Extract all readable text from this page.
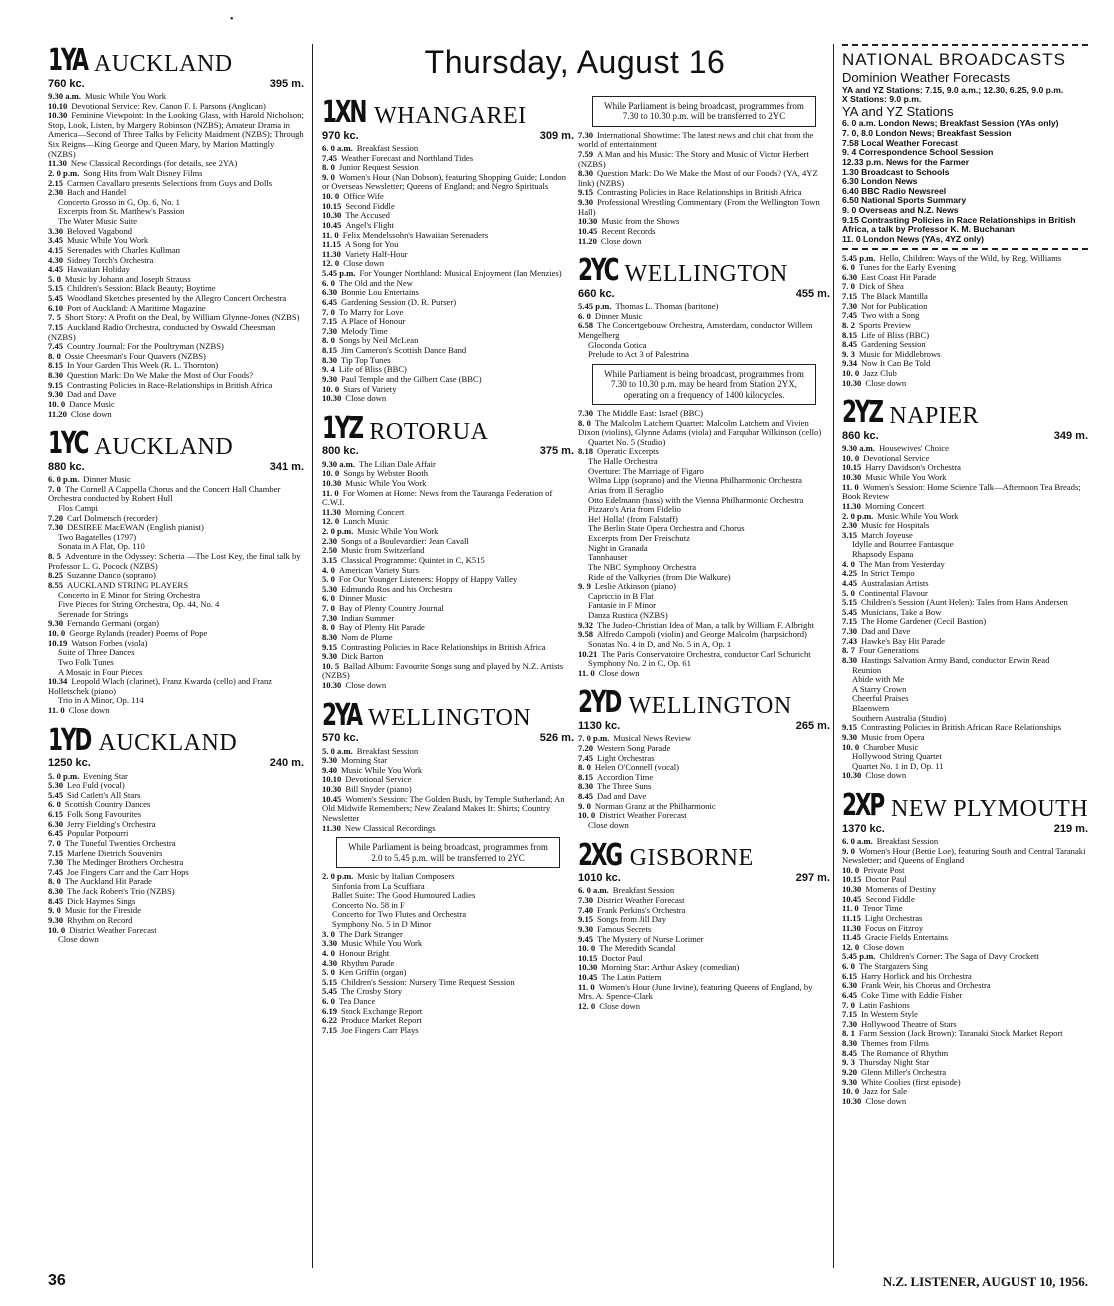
•
Thursday, August 16
1YA AUCKLAND
760 kc.	395 m.

9.30 a.m. Music While You Work

10.10 Devotional Service: Rev. Canon F. I. Parsons (Anglican)

10.30 Feminine Viewpoint: In the Looking Glass, with Harold Nicholson; Stop, Look, Listen, by Margery Robinson (NZBS); Amateur Drama in America—Second of Three Talks by Felicity Maidment (NZBS); Through Six Reigns—King George and Queen Mary, by Marion Mattingly (NZBS)

11.30 New Classical Recordings (for details, see 2YA)

2. 0 p.m. Song Hits from Walt Disney Films

2.15 Carmen Cavallaro presents Selections from Guys and Dolls

2.30 Bach and Handel

Concerto Grosso in G, Op. 6, No. 1

Excerpts from St. Matthew's Passion

The Water Music Suite

3.30 Beloved Vagabond

3.45 Music While You Work

4.15 Serenades with Charles Kullman

4.30 Sidney Torch's Orchestra

4.45 Hawaiian Holiday

5. 0 Music by Johann and Joseph Strauss

5.15 Children's Session: Black Beauty; Boytime

5.45 Woodland Sketches presented by the Allegro Concert Orchestra

6.10 Port of Auckland: A Maritime Magazine

7. 5 Short Story: A Profit on the Deal, by William Glynne-Jones (NZBS)

7.15 Auckland Radio Orchestra, conducted by Oswald Cheesman (NZBS)

7.45 Country Journal: For the Poultryman (NZBS)

8. 0 Ossie Cheesman's Four Quavers (NZBS)

8.15 In Your Garden This Week (R. L. Thornton)

8.30 Question Mark: Do We Make the Most of Our Foods?

9.15 Contrasting Policies in Race-Relationships in British Africa

9.30 Dad and Dave

10. 0 Dance Music

11.20 Close down

1YC AUCKLAND
880 kc.	341 m.

6. 0 p.m. Dinner Music

7. 0 The Cornell A Cappella Chorus and the Concert Hall Chamber Orchestra conducted by Robert Hull

Flos Campi

7.20 Carl Dolmetsch (recorder)

7.30 DESIREE MacEWAN (English pianist)

Two Bagatelles (1797)

Sonata in A Flat, Op. 110

8. 5 Adventure in the Odyssey: Scheria —The Lost Key, the final talk by Professor L. G. Pocock (NZBS)

8.25 Suzanne Danco (soprano)

8.55 AUCKLAND STRING PLAYERS

Concerto in E Minor for String Orchestra

Five Pieces for String Orchestra, Op. 44, No. 4

Serenade for Strings

9.30 Fernando Germani (organ)

10. 0 George Rylands (reader) Poems of Pope

10.19 Watson Forbes (viola)

Suite of Three Dances

Two Folk Tunes

A Mosaic in Four Pieces

10.34 Leopold Wlach (clarinet), Franz Kwarda (cello) and Franz Holletschek (piano)

Trio in A Minor, Op. 114

11. 0 Close down

1YD AUCKLAND
1250 kc.	240 m.

5. 0 p.m. Evening Star

5.30 Leo Fuld (vocal)

5.45 Sid Catlett's All Stars

6. 0 Scottish Country Dances

6.15 Folk Song Favourites

6.30 Jerry Fielding's Orchestra

6.45 Popular Potpourri

7. 0 The Tuneful Twenties Orchestra

7.15 Marlene Dietrich Souvenirs

7.30 The Medinger Brothers Orchestra

7.45 Joe Fingers Carr and the Carr Hops

8. 0 The Auckland Hit Parade

8.30 The Jack Robert's Trio (NZBS)

8.45 Dick Haymes Sings

9. 0 Music for the Fireside

9.30 Rhythm on Record

10. 0 District Weather Forecast

Close down

1XN WHANGAREI
970 kc.	309 m.

6. 0 a.m. Breakfast Session

7.45 Weather Forecast and Northland Tides

8. 0 Junior Request Session

9. 0 Women's Hour (Nan Dobson), featuring Shopping Guide; London or Overseas Newsletter; Queens of England; and Negro Spirituals

10. 0 Office Wife

10.15 Second Fiddle

10.30 The Accused

10.45 Angel's Flight

11. 0 Felix Mendelssohn's Hawaiian Serenaders

11.15 A Song for You

11.30 Variety Half-Hour

12. 0 Close down

5.45 p.m. For Younger Northland: Musical Enjoyment (Ian Menzies)

6. 0 The Old and the New

6.30 Bonnie Lou Entertains

6.45 Gardening Session (D. R. Purser)

7. 0 To Marry for Love

7.15 A Place of Honour

7.30 Melody Time

8. 0 Songs by Neil McLean

8.15 Jim Cameron's Scottish Dance Band

8.30 Tip Top Tunes

9. 4 Life of Bliss (BBC)

9.30 Paul Temple and the Gilbert Case (BBC)

10. 0 Stars of Variety

10.30 Close down

1YZ ROTORUA
800 kc.	375 m.

9.30 a.m. The Lilian Dale Affair

10. 0 Songs by Webster Booth

10.30 Music While You Work

11. 0 For Women at Home: News from the Tauranga Federation of C.W.I.

11.30 Morning Concert

12. 0 Lunch Music

2. 0 p.m. Music While You Work

2.30 Songs of a Boulevardier: Jean Cavall

2.50 Music from Switzerland

3.15 Classical Programme: Quintet in C, K515

4. 0 American Variety Stars

5. 0 For Our Younger Listeners: Hoppy of Happy Valley

5.30 Edmundo Ros and his Orchestra

6. 0 Dinner Music

7. 0 Bay of Plenty Country Journal

7.30 Indian Summer

8. 0 Bay of Plenty Hit Parade

8.30 Nom de Plume

9.15 Contrasting Policies in Race Relationships in British Africa

9.30 Dick Barton

10. 5 Ballad Album: Favourite Songs sung and played by N.Z. Artists (NZBS)

10.30 Close down

2YA WELLINGTON
570 kc.	526 m.

5. 0 a.m. Breakfast Session

9.30 Morning Star

9.40 Music While You Work

10.10 Devotional Service

10.30 Bill Snyder (piano)

10.45 Women's Session: The Golden Bush, by Temple Sutherland; An Old Midwife Remembers; New Zealand Makes It: Shirts; Country Newsletter

11.30 New Classical Recordings

While Parliament is being broadcast, programmes from 2.0 to 5.45 p.m. will be transferred to 2YC

2. 0 p.m. Music by Italian Composers

Sinfonia from La Scuffiara

Ballet Suite: The Good Humoured Ladies

Concerto No. 58 in F

Concerto for Two Flutes and Orchestra

Symphony No. 5 in D Minor

3. 0 The Dark Stranger

3.30 Music While You Work

4. 0 Honour Bright

4.30 Rhythm Parade

5. 0 Ken Griffin (organ)

5.15 Children's Session: Nursery Time Request Session

5.45 The Crosby Story

6. 0 Tea Dance

6.19 Stock Exchange Report

6.22 Produce Market Report

7.15 Joe Fingers Carr Plays

While Parliament is being broadcast, programmes from 7.30 to 10.30 p.m. will be transferred to 2YC

7.30 International Showtime: The latest news and chit chat from the world of entertainment

7.59 A Man and his Music: The Story and Music of Victor Herbert (NZBS)

8.30 Question Mark: Do We Make the Most of our Foods? (YA, 4YZ link) (NZBS)

9.15 Contrasting Policies in Race Relationships in British Africa

9.30 Professional Wrestling Commentary (From the Wellington Town Hall)

10.30 Music from the Shows

10.45 Recent Records

11.20 Close down

2YC WELLINGTON
660 kc.	455 m.

5.45 p.m. Thomas L. Thomas (baritone)

6. 0 Dinner Music

6.58 The Concertgebouw Orchestra, Amsterdam, conductor Willem Mengelberg

Gloconda Gotica

Prelude to Act 3 of Palestrina

While Parliament is being broadcast, programmes from 7.30 to 10.30 p.m. may be heard from Station 2YX, operating on a frequency of 1400 kilocycles.

7.30 The Middle East: Israel (BBC)

8. 0 The Malcolm Latchem Quartet: Malcolm Latchem and Vivien Dixon (violins), Glynne Adams (viola) and Farquhar Wilkinson (cello)

Quartet No. 5 (Studio)

8.18 Operatic Excerpts

The Halle Orchestra

Overture: The Marriage of Figaro

Wilma Lipp (soprano) and the Vienna Philharmonic Orchestra

Arias from Il Seraglio

Otto Edelmann (bass) with the Vienna Philharmonic Orchestra

Pizzaro's Aria from Fidelio

He! Holla! (from Falstaff)

The Berlin State Opera Orchestra and Chorus

Excerpts from Der Freischutz

Night in Granada

Tannhauser

The NBC Symphony Orchestra

Ride of the Valkyries (from Die Walkure)

9. 9 Leslie Atkinson (piano)

Capriccio in B Flat

Fantasie in F Minor

Danza Rustica (NZBS)

9.32 The Judeo-Christian Idea of Man, a talk by William F. Albright

9.58 Alfredo Campoli (violin) and George Malcolm (harpsichord)

Sonatas No. 4 in D, and No. 5 in A, Op. 1

10.21 The Paris Conservatoire Orchestra, conductor Carl Schuricht

Symphony No. 2 in C, Op. 61

11. 0 Close down

2YD WELLINGTON
1130 kc.	265 m.

7. 0 p.m. Musical News Review

7.20 Western Song Parade

7.45 Light Orchestras

8. 0 Helen O'Connell (vocal)

8.15 Accordion Time

8.30 The Three Suns

8.45 Dad and Dave

9. 0 Norman Granz at the Philharmonic

10. 0 District Weather Forecast

Close down

2XG GISBORNE
1010 kc.	297 m.

6. 0 a.m. Breakfast Session

7.30 District Weather Forecast

7.40 Frank Perkins's Orchestra

9.15 Songs from Jill Day

9.30 Famous Secrets

9.45 The Mystery of Nurse Lorimer

10. 0 The Meredith Scandal

10.15 Doctor Paul

10.30 Morning Star: Arthur Askey (comedian)

10.45 The Latin Pattern

11. 0 Women's Hour (June Irvine), featuring Queens of England, by Mrs. A. Spence-Clark

12. 0 Close down

NATIONAL BROADCASTS
Dominion Weather Forecasts

YA and YZ Stations: 7.15, 9.0 a.m.; 12.30, 6.25, 9.0 p.m.

X Stations: 9.0 p.m.

YA and YZ Stations

6. 0 a.m. London News; Breakfast Session (YAs only)

7. 0, 8.0 London News; Breakfast Session

7.58 Local Weather Forecast

9. 4 Correspondence School Session

12.33 p.m. News for the Farmer

1.30 Broadcast to Schools

6.30 London News

6.40 BBC Radio Newsreel

6.50 National Sports Summary

9. 0 Overseas and N.Z. News

9.15 Contrasting Policies in Race Relationships in British Africa, a talk by Professor K. M. Buchanan

11. 0 London News (YAs, 4YZ only)

5.45 p.m. Hello, Children: Ways of the Wild, by Reg. Williams

6. 0 Tunes for the Early Evening

6.30 East Coast Hit Parade

7. 0 Dick of Shea

7.15 The Black Mantilla

7.30 Not for Publication

7.45 Two with a Song

8. 2 Sports Preview

8.15 Life of Bliss (BBC)

8.45 Gardening Session

9. 3 Music for Middlebrows

9.34 Now It Can Be Told

10. 0 Jazz Club

10.30 Close down

2YZ NAPIER
860 kc.	349 m.

9.30 a.m. Housewives' Choice

10. 0 Devotional Service

10.15 Harry Davidson's Orchestra

10.30 Music While You Work

11. 0 Women's Session: Home Science Talk—Afternoon Tea Breads; Book Review

11.30 Morning Concert

2. 0 p.m. Music While You Work

2.30 Music for Hospitals

3.15 March Joyeuse

Idylle and Bourree Fantasque

Rhapsody Espana

4. 0 The Man from Yesterday

4.25 In Strict Tempo

4.45 Australasian Artists

5. 0 Continental Flavour

5.15 Children's Session (Aunt Helen): Tales from Hans Andersen

5.45 Musicians, Take a Bow

7.15 The Home Gardener (Cecil Bastion)

7.30 Dad and Dave

7.43 Hawke's Bay Hit Parade

8. 7 Four Generations

8.30 Hastings Salvation Army Band, conductor Erwin Read

Reunion

Abide with Me

A Starry Crown

Cheerful Praises

Blaenwern

Southern Australia (Studio)

9.15 Contrasting Policies in British African Race Relationships

9.30 Music from Opera

10. 0 Chamber Music

Hollywood String Quartet

Quartet No. 1 in D, Op. 11

10.30 Close down

2XP NEW PLYMOUTH
1370 kc.	219 m.

6. 0 a.m. Breakfast Session

9. 0 Women's Hour (Bettie Loe), featuring South and Central Taranaki Newsletter; and Queens of England

10. 0 Private Post

10.15 Doctor Paul

10.30 Moments of Destiny

10.45 Second Fiddle

11. 0 Tenor Time

11.15 Light Orchestras

11.30 Focus on Fitzroy

11.45 Gracie Fields Entertains

12. 0 Close down

5.45 p.m. Children's Corner: The Saga of Davy Crockett

6. 0 The Stargazers Sing

6.15 Harry Horlick and his Orchestra

6.30 Frank Weir, his Chorus and Orchestra

6.45 Coke Time with Eddie Fisher

7. 0 Latin Fashions

7.15 In Western Style

7.30 Hollywood Theatre of Stars

8. 1 Farm Session (Jack Brown): Taranaki Stock Market Report

8.30 Themes from Films

8.45 The Romance of Rhythm

9. 3 Thursday Night Star

9.20 Glenn Miller's Orchestra

9.30 White Coolies (first episode)

10. 0 Jazz for Sale

10.30 Close down

36	N.Z. LISTENER, AUGUST 10, 1956.
